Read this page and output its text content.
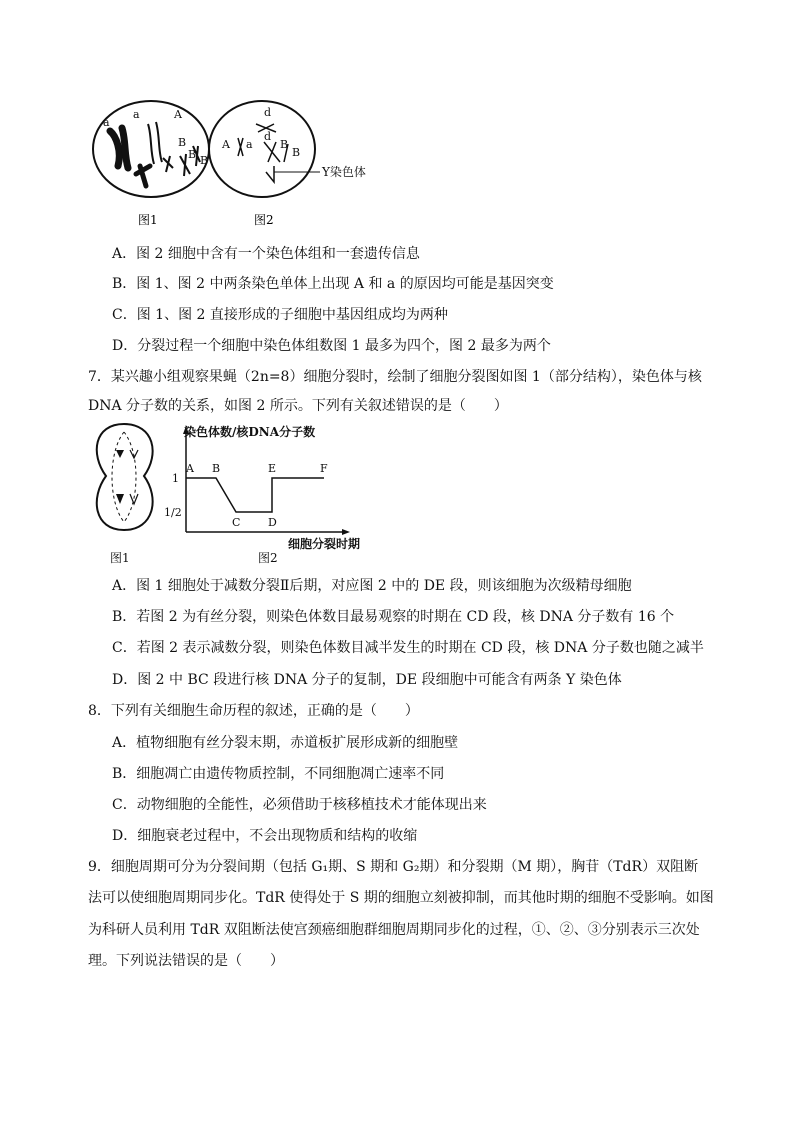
a
a	A
B
B B
d
d
A a B
B
Y染色体
图1	图2
A．图 2 细胞中含有一个染色体组和一套遗传信息
B．图 1、图 2 中两条染色单体上出现 A 和 a 的原因均可能是基因突变
C．图 1、图 2 直接形成的子细胞中基因组成均为两种
D．分裂过程一个细胞中染色体组数图 1 最多为四个，图 2 最多为两个
7．某兴趣小组观察果蝇（2n=8）细胞分裂时，绘制了细胞分裂图如图 1（部分结构），染色体与核
DNA 分子数的关系，如图 2 所示。下列有关叙述错误的是（　　）
1
1/2
A B
C	D
E	F
染色体数/核DNA分子数
细胞分裂时期
图1	图2
A．图 1 细胞处于减数分裂Ⅱ后期，对应图 2 中的 DE 段，则该细胞为次级精母细胞
B．若图 2 为有丝分裂，则染色体数目最易观察的时期在 CD 段，核 DNA 分子数有 16 个
C．若图 2 表示减数分裂，则染色体数目减半发生的时期在 CD 段，核 DNA 分子数也随之减半
D．图 2 中 BC 段进行核 DNA 分子的复制，DE 段细胞中可能含有两条 Y 染色体
8．下列有关细胞生命历程的叙述，正确的是（　　）
A．植物细胞有丝分裂末期，赤道板扩展形成新的细胞壁
B．细胞凋亡由遗传物质控制，不同细胞凋亡速率不同
C．动物细胞的全能性，必须借助于核移植技术才能体现出来
D．细胞衰老过程中，不会出现物质和结构的收缩
9．细胞周期可分为分裂间期（包括 G₁期、S 期和 G₂期）和分裂期（M 期），胸苷（TdR）双阻断
法可以使细胞周期同步化。TdR 使得处于 S 期的细胞立刻被抑制，而其他时期的细胞不受影响。如图
为科研人员利用 TdR 双阻断法使宫颈癌细胞群细胞周期同步化的过程，①、②、③分别表示三次处
理。下列说法错误的是（　　）
